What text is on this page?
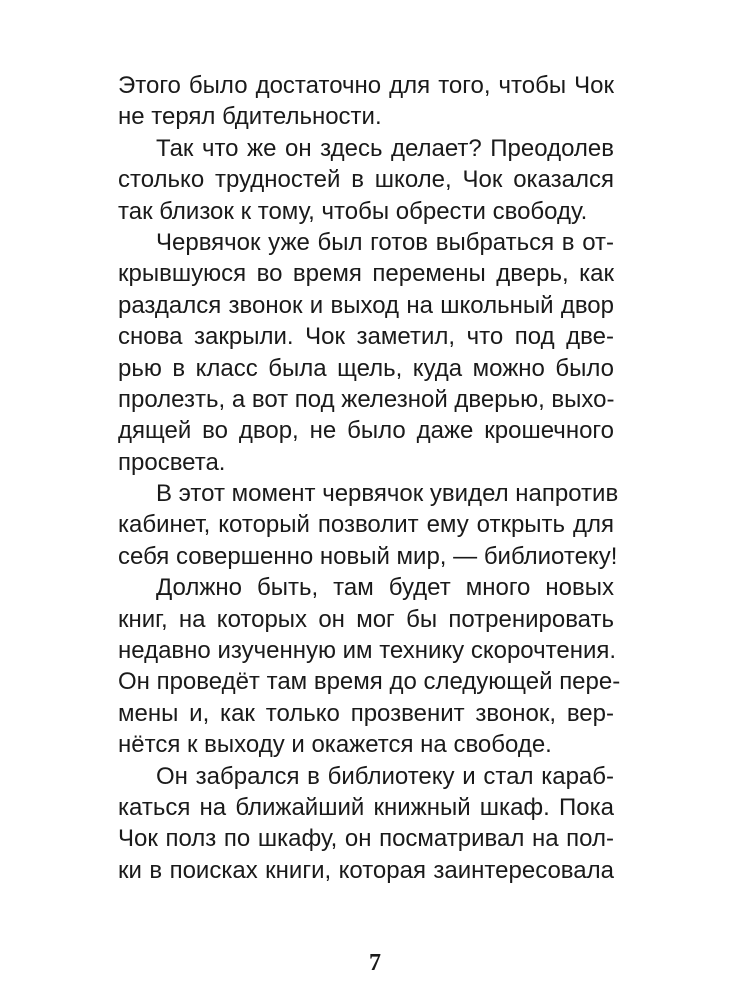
Этого было достаточно для того, чтобы Чок
не терял бдительности.
Так что же он здесь делает? Преодолев
столько трудностей в школе, Чок оказался
так близок к тому, чтобы обрести свободу.
Червячок уже был готов выбраться в от-
крывшуюся во время перемены дверь, как
раздался звонок и выход на школьный двор
снова закрыли. Чок заметил, что под две-
рью в класс была щель, куда можно было
пролезть, а вот под железной дверью, выхо-
дящей во двор, не было даже крошечного
просвета.
В этот момент червячок увидел напротив
кабинет, который позволит ему открыть для
себя совершенно новый мир, — библиотеку!
Должно быть, там будет много новых
книг, на которых он мог бы потренировать
недавно изученную им технику скорочтения.
Он проведёт там время до следующей пере-
мены и, как только прозвенит звонок, вер-
нётся к выходу и окажется на свободе.
Он забрался в библиотеку и стал караб-
каться на ближайший книжный шкаф. Пока
Чок полз по шкафу, он посматривал на пол-
ки в поисках книги, которая заинтересовала
7
